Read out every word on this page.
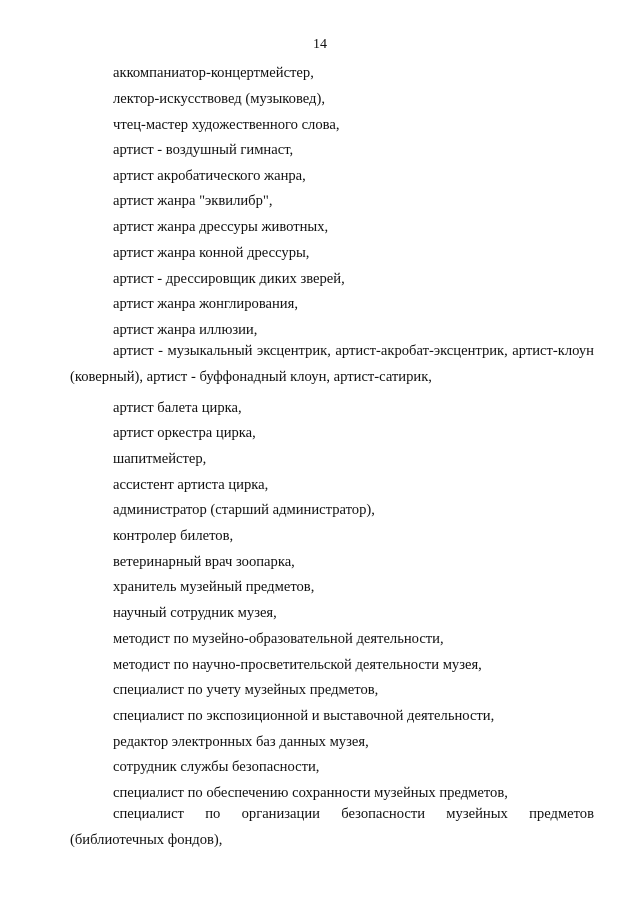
14
аккомпаниатор-концертмейстер,
лектор-искусствовед (музыковед),
чтец-мастер художественного слова,
артист - воздушный гимнаст,
артист акробатического жанра,
артист жанра "эквилибр",
артист жанра дрессуры животных,
артист жанра конной дрессуры,
артист - дрессировщик диких зверей,
артист жанра жонглирования,
артист жанра иллюзии,
артист - музыкальный эксцентрик, артист-акробат-эксцентрик, артист-клоун (коверный), артист - буффонадный клоун, артист-сатирик,
артист балета цирка,
артист оркестра цирка,
шапитмейстер,
ассистент артиста цирка,
администратор (старший администратор),
контролер билетов,
ветеринарный врач зоопарка,
хранитель музейный предметов,
научный сотрудник музея,
методист по музейно-образовательной деятельности,
методист по научно-просветительской деятельности музея,
специалист по учету музейных предметов,
специалист по экспозиционной и выставочной деятельности,
редактор электронных баз данных музея,
сотрудник службы безопасности,
специалист по обеспечению сохранности музейных предметов,
специалист по организации безопасности музейных предметов (библиотечных фондов),
